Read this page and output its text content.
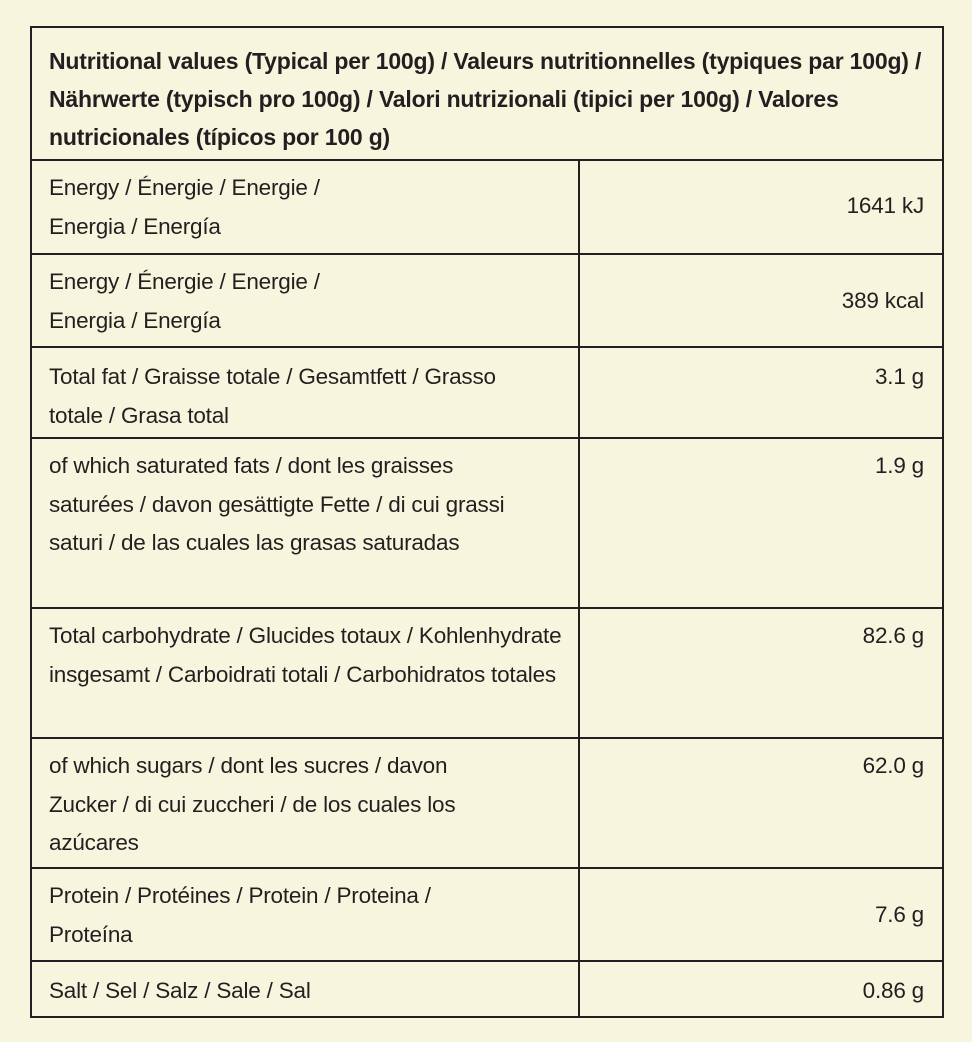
Nutritional values (Typical per 100g) / Valeurs nutritionnelles (typiques par 100g) / Nährwerte (typisch pro 100g) / Valori nutrizionali (tipici per 100g) / Valores nutricionales (típicos por 100 g)
Energy / Énergie / Energie / Energia / Energía
1641 kJ
Energy / Énergie / Energie / Energia / Energía
389 kcal
Total fat / Graisse totale / Gesamtfett / Grasso totale / Grasa total
3.1 g
of which saturated fats / dont les graisses saturées / davon gesättigte Fette / di cui grassi saturi / de las cuales las grasas saturadas
1.9 g
Total carbohydrate / Glucides totaux / Kohlenhydrate insgesamt / Carboidrati totali / Carbohidratos totales
82.6 g
of which sugars / dont les sucres / davon Zucker / di cui zuccheri / de los cuales los azúcares
62.0 g
Protein / Protéines / Protein / Proteina / Proteína
7.6 g
Salt / Sel / Salz / Sale / Sal	0.86 g
